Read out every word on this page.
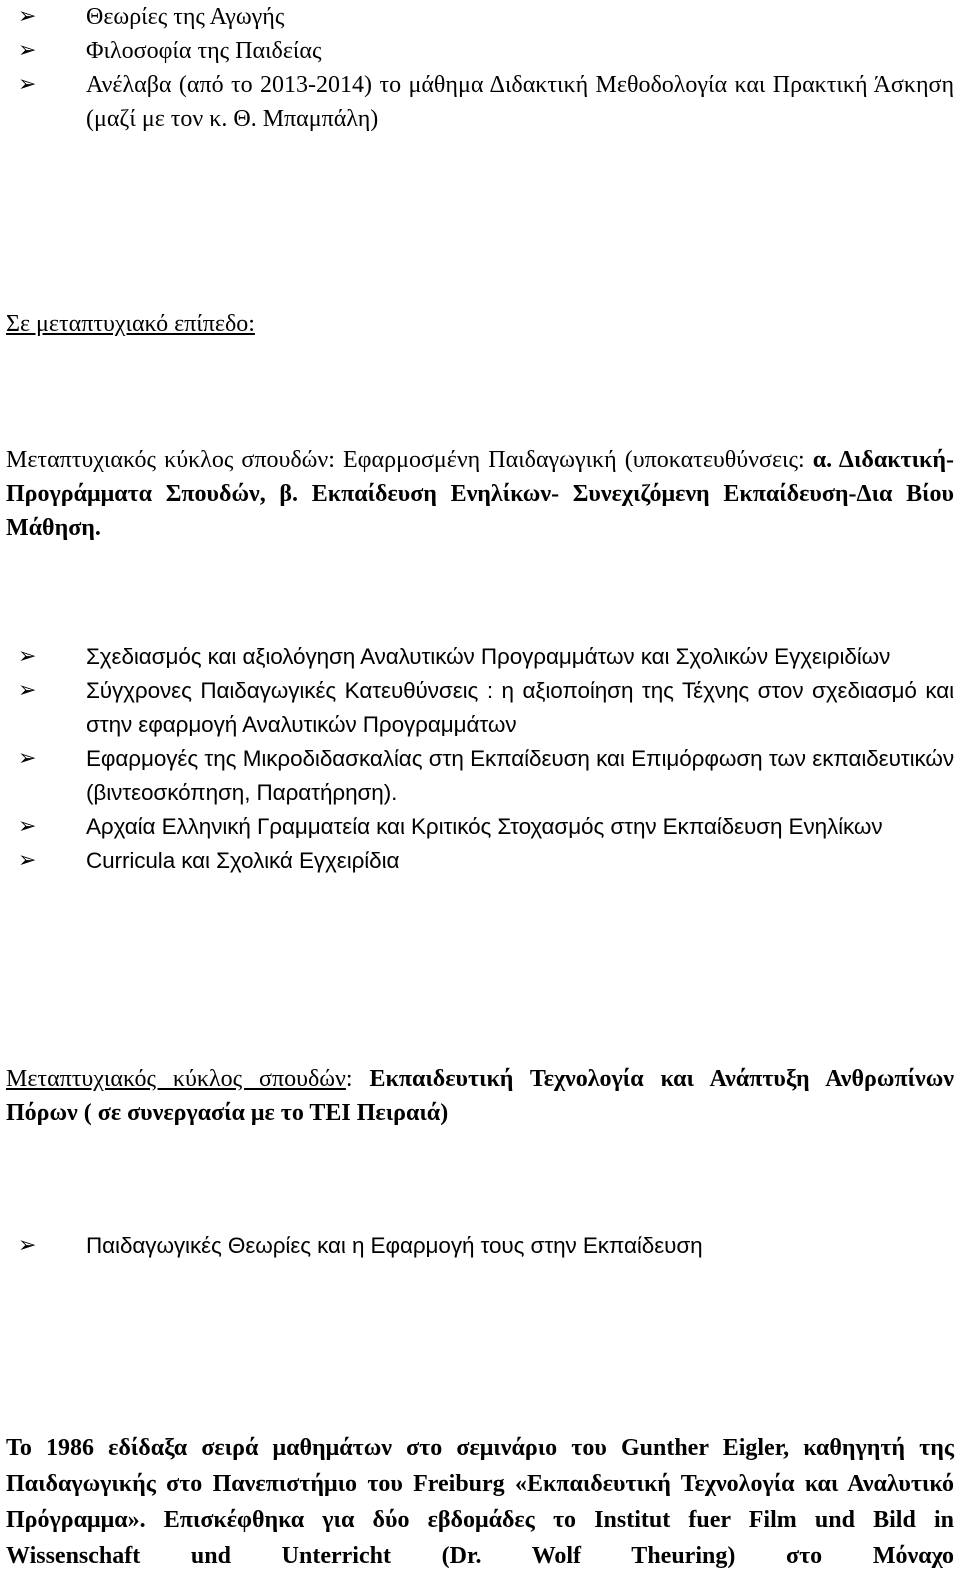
➢ Θεωρίες της Αγωγής
➢ Φιλοσοφία της Παιδείας
➢ Ανέλαβα (από το 2013-2014) το μάθημα Διδακτική Μεθοδολογία και Πρακτική Άσκηση (μαζί με τον κ. Θ. Μπαμπάλη)

Σε μεταπτυχιακό επίπεδο:

Μεταπτυχιακός κύκλος σπουδών: Εφαρμοσμένη Παιδαγωγική (υποκατευθύνσεις: α. Διδακτική- Προγράμματα Σπουδών, β. Εκπαίδευση Ενηλίκων- Συνεχιζόμενη Εκπαίδευση-Δια Βίου Μάθηση.

➢ Σχεδιασμός και αξιολόγηση Αναλυτικών Προγραμμάτων και Σχολικών Εγχειριδίων
➢ Σύγχρονες Παιδαγωγικές Κατευθύνσεις : η αξιοποίηση της Τέχνης στον σχεδιασμό και στην εφαρμογή Αναλυτικών Προγραμμάτων
➢ Εφαρμογές της Μικροδιδασκαλίας στη Εκπαίδευση και Επιμόρφωση των εκπαιδευτικών (βιντεοσκόπηση, Παρατήρηση).
➢ Αρχαία Ελληνική Γραμματεία και Κριτικός Στοχασμός στην Εκπαίδευση Ενηλίκων
➢ Curricula και Σχολικά Εγχειρίδια

Μεταπτυχιακός κύκλος σπουδών: Εκπαιδευτική Τεχνολογία και Ανάπτυξη Ανθρωπίνων Πόρων ( σε συνεργασία με το ΤΕΙ Πειραιά)

➢ Παιδαγωγικές Θεωρίες και η Εφαρμογή τους στην Εκπαίδευση

Το 1986 εδίδαξα σειρά μαθημάτων στο σεμινάριο του Gunther Eigler, καθηγητή της Παιδαγωγικής στο Πανεπιστήμιο του Freiburg «Εκπαιδευτική Τεχνολογία και Αναλυτικό Πρόγραμμα». Επισκέφθηκα για δύο εβδομάδες το Institut fuer Film und Bild in Wissenschaft und Unterricht (Dr. Wolf Theuring) στο Μόναχο
